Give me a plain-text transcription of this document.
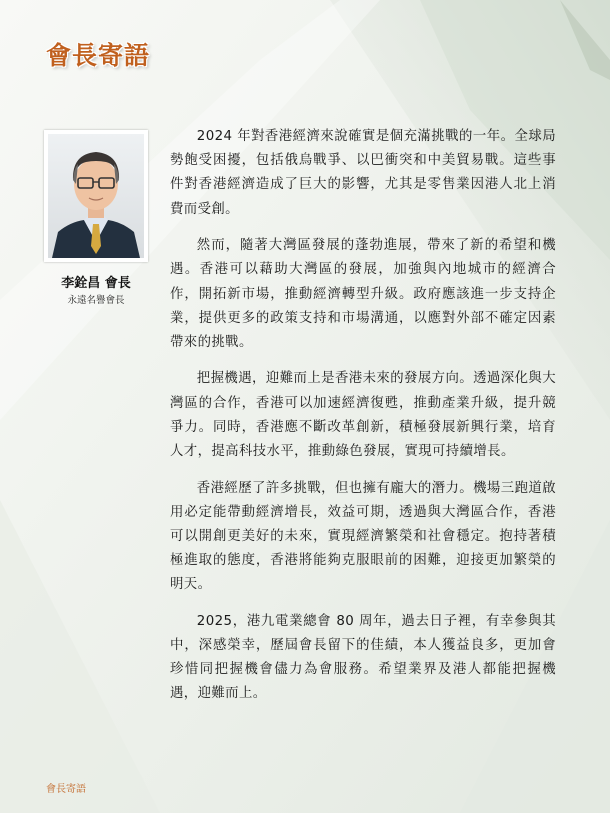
會長寄語
李銓昌 會長
永遠名譽會長

2024 年對香港經濟來說確實是個充滿挑戰的一年。全球局勢飽受困擾，包括俄烏戰爭、以巴衝突和中美貿易戰。這些事件對香港經濟造成了巨大的影響，尤其是零售業因港人北上消費而受創。

然而，隨著大灣區發展的蓬勃進展，帶來了新的希望和機遇。香港可以藉助大灣區的發展，加強與內地城市的經濟合作，開拓新市場，推動經濟轉型升級。政府應該進一步支持企業，提供更多的政策支持和市場溝通，以應對外部不確定因素帶來的挑戰。

把握機遇，迎難而上是香港未來的發展方向。透過深化與大灣區的合作，香港可以加速經濟復甦，推動產業升級，提升競爭力。同時，香港應不斷改革創新，積極發展新興行業，培育人才，提高科技水平，推動綠色發展，實現可持續增長。

香港經歷了許多挑戰，但也擁有龐大的潛力。機場三跑道啟用必定能帶動經濟增長，效益可期，透過與大灣區合作，香港可以開創更美好的未來，實現經濟繁榮和社會穩定。抱持著積極進取的態度，香港將能夠克服眼前的困難，迎接更加繁榮的明天。

2025，港九電業總會 80 周年，過去日子裡，有幸參與其中，深感榮幸，歷屆會長留下的佳績，本人獲益良多，更加會珍惜同把握機會儘力為會服務。希望業界及港人都能把握機遇，迎難而上。

會長寄語
